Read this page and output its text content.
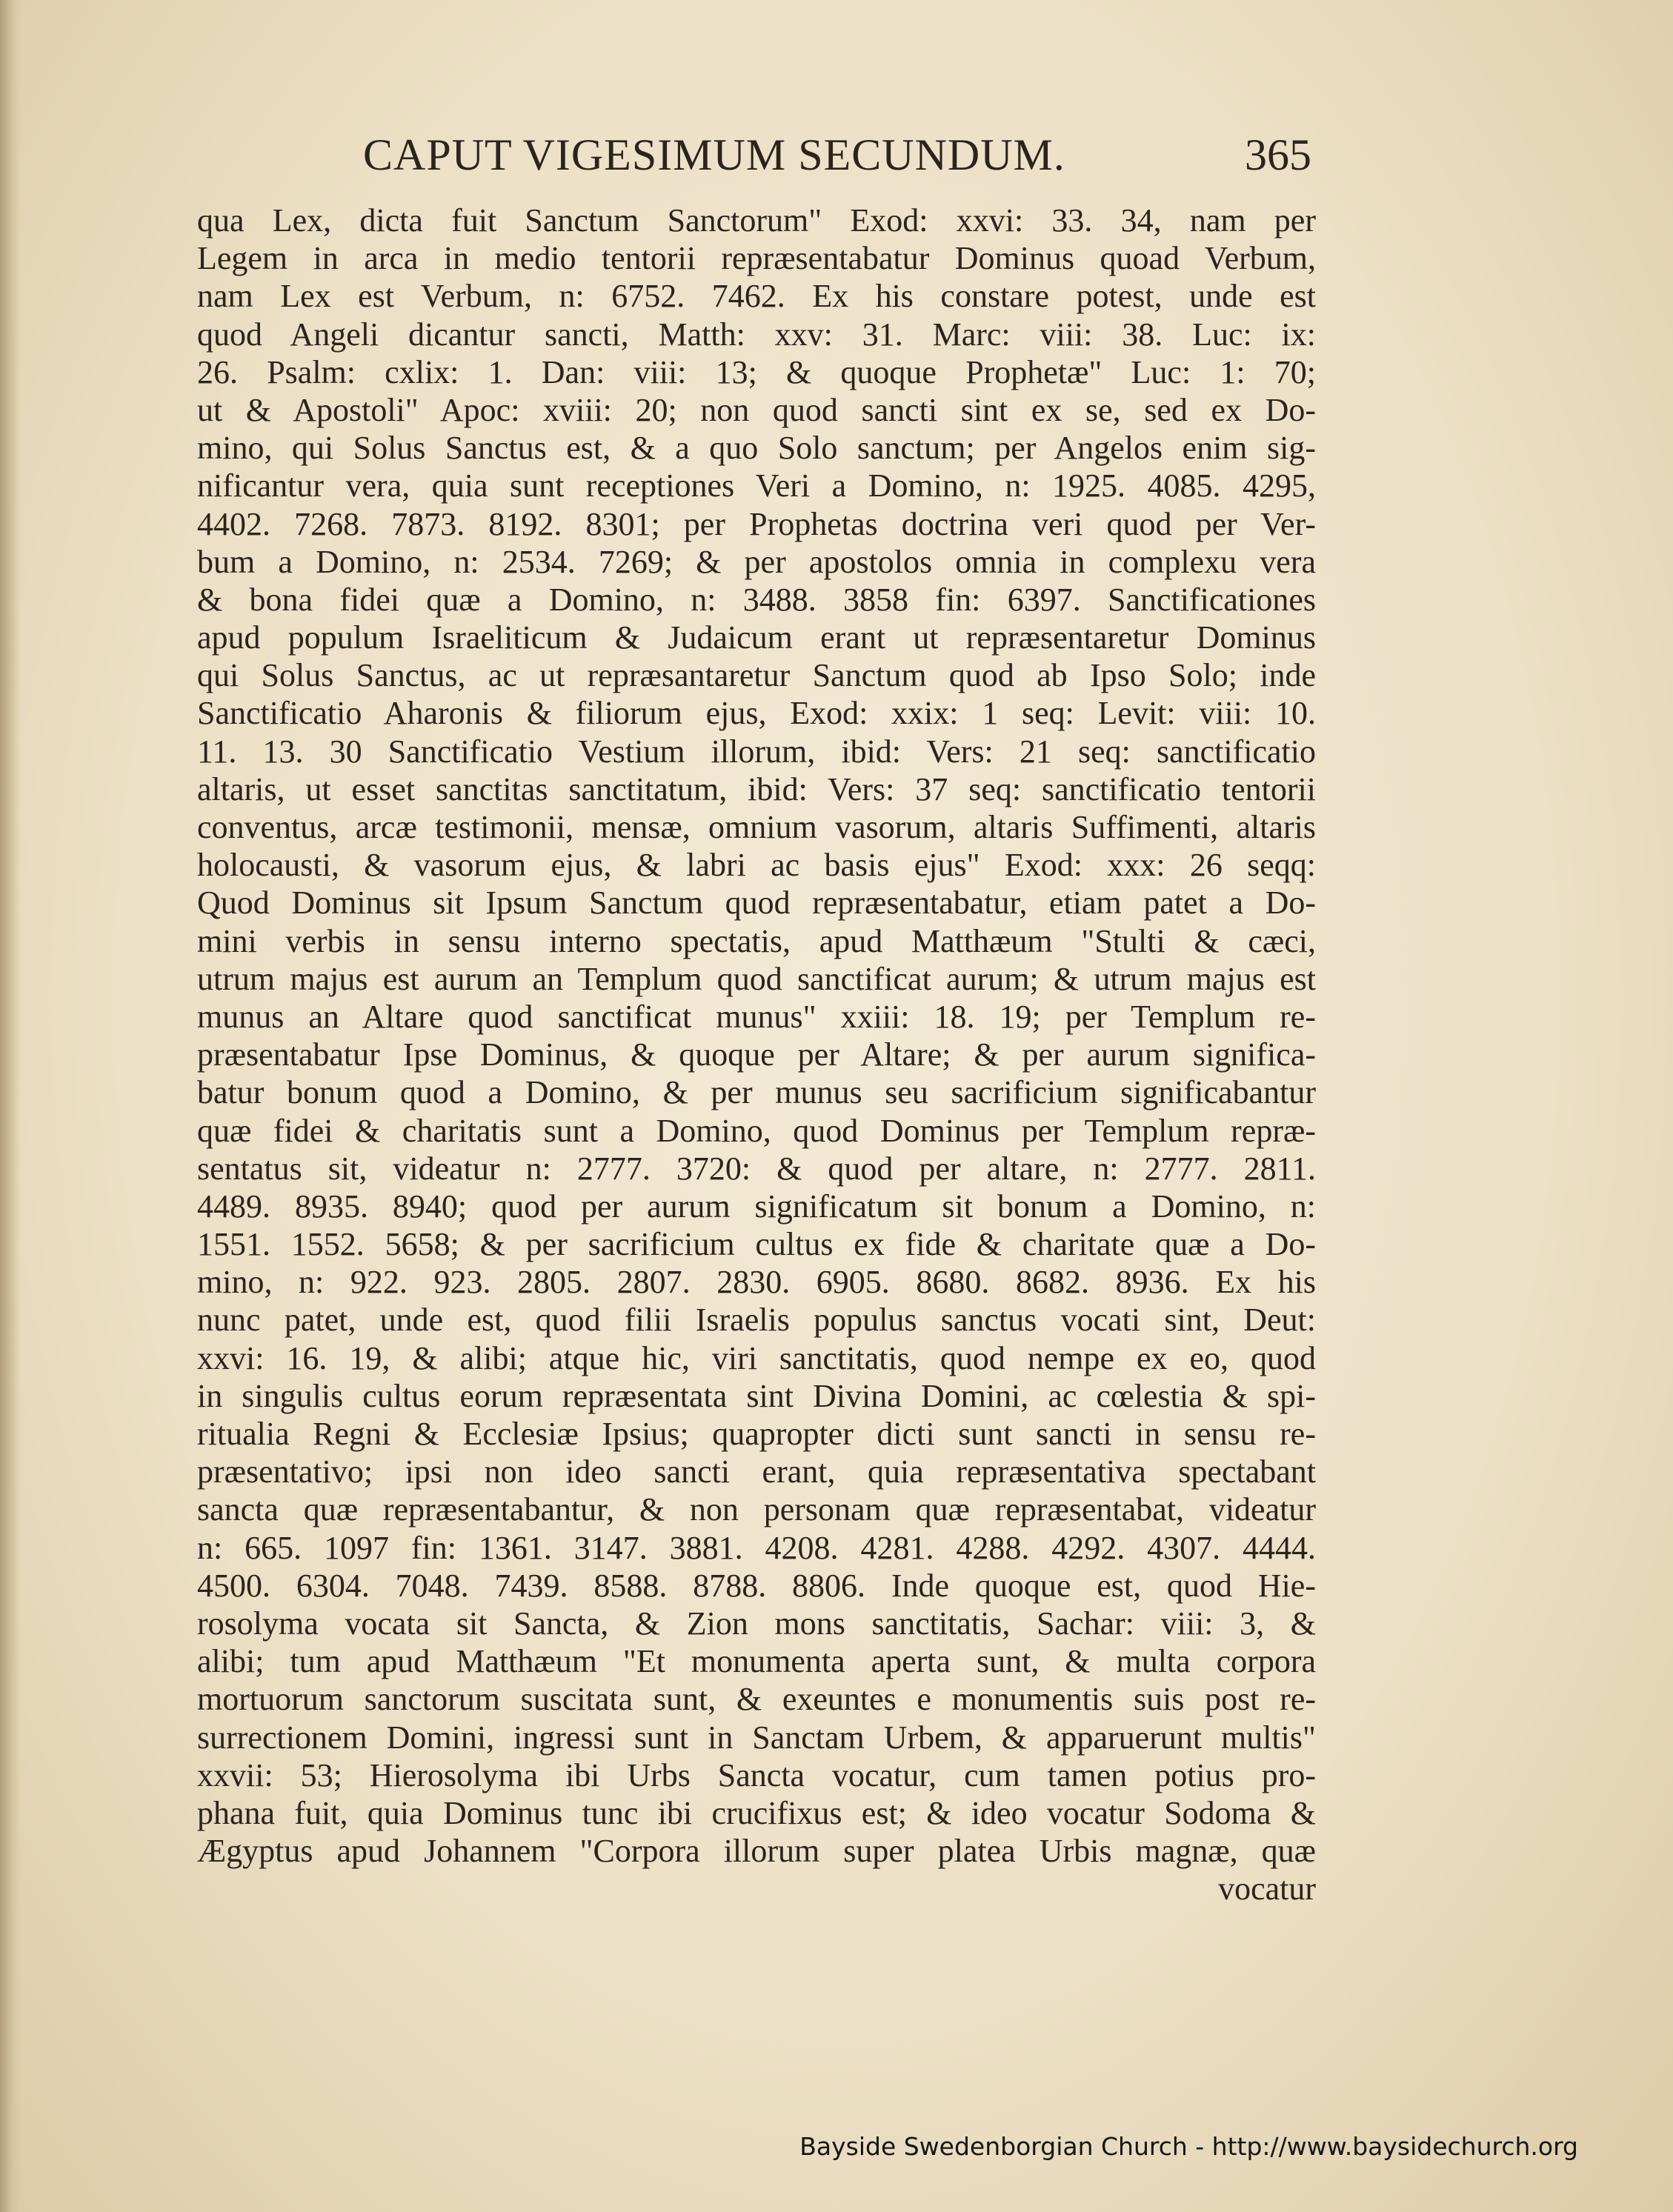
CAPUT VIGESIMUM SECUNDUM.	365
qua Lex, dicta fuit Sanctum Sanctorum" Exod: xxvi: 33. 34, nam per
Legem in arca in medio tentorii repræsentabatur Dominus quoad Verbum,
nam Lex est Verbum, n: 6752. 7462. Ex his constare potest, unde est
quod Angeli dicantur sancti, Matth: xxv: 31. Marc: viii: 38. Luc: ix:
26. Psalm: cxlix: 1. Dan: viii: 13; & quoque Prophetæ" Luc: 1: 70;
ut & Apostoli" Apoc: xviii: 20; non quod sancti sint ex se, sed ex Do-
mino, qui Solus Sanctus est, & a quo Solo sanctum; per Angelos enim sig-
nificantur vera, quia sunt receptiones Veri a Domino, n: 1925. 4085. 4295,
4402. 7268. 7873. 8192. 8301; per Prophetas doctrina veri quod per Ver-
bum a Domino, n: 2534. 7269; & per apostolos omnia in complexu vera
& bona fidei quæ a Domino, n: 3488. 3858 fin: 6397. Sanctificationes
apud populum Israeliticum & Judaicum erant ut repræsentaretur Dominus
qui Solus Sanctus, ac ut repræsantaretur Sanctum quod ab Ipso Solo; inde
Sanctificatio Aharonis & filiorum ejus, Exod: xxix: 1 seq: Levit: viii: 10.
11. 13. 30 Sanctificatio Vestium illorum, ibid: Vers: 21 seq: sanctificatio
altaris, ut esset sanctitas sanctitatum, ibid: Vers: 37 seq: sanctificatio tentorii
conventus, arcæ testimonii, mensæ, omnium vasorum, altaris Suffimenti, altaris
holocausti, & vasorum ejus, & labri ac basis ejus" Exod: xxx: 26 seqq:
Quod Dominus sit Ipsum Sanctum quod repræsentabatur, etiam patet a Do-
mini verbis in sensu interno spectatis, apud Matthæum "Stulti & cæci,
utrum majus est aurum an Templum quod sanctificat aurum; & utrum majus est
munus an Altare quod sanctificat munus" xxiii: 18. 19; per Templum re-
præsentabatur Ipse Dominus, & quoque per Altare; & per aurum significa-
batur bonum quod a Domino, & per munus seu sacrificium significabantur
quæ fidei & charitatis sunt a Domino, quod Dominus per Templum repræ-
sentatus sit, videatur n: 2777. 3720: & quod per altare, n: 2777. 2811.
4489. 8935. 8940; quod per aurum significatum sit bonum a Domino, n:
1551. 1552. 5658; & per sacrificium cultus ex fide & charitate quæ a Do-
mino, n: 922. 923. 2805. 2807. 2830. 6905. 8680. 8682. 8936. Ex his
nunc patet, unde est, quod filii Israelis populus sanctus vocati sint, Deut:
xxvi: 16. 19, & alibi; atque hic, viri sanctitatis, quod nempe ex eo, quod
in singulis cultus eorum repræsentata sint Divina Domini, ac cœlestia & spi-
ritualia Regni & Ecclesiæ Ipsius; quapropter dicti sunt sancti in sensu re-
præsentativo; ipsi non ideo sancti erant, quia repræsentativa spectabant
sancta quæ repræsentabantur, & non personam quæ repræsentabat, videatur
n: 665. 1097 fin: 1361. 3147. 3881. 4208. 4281. 4288. 4292. 4307. 4444.
4500. 6304. 7048. 7439. 8588. 8788. 8806. Inde quoque est, quod Hie-
rosolyma vocata sit Sancta, & Zion mons sanctitatis, Sachar: viii: 3, &
alibi; tum apud Matthæum "Et monumenta aperta sunt, & multa corpora
mortuorum sanctorum suscitata sunt, & exeuntes e monumentis suis post re-
surrectionem Domini, ingressi sunt in Sanctam Urbem, & apparuerunt multis"
xxvii: 53; Hierosolyma ibi Urbs Sancta vocatur, cum tamen potius pro-
phana fuit, quia Dominus tunc ibi crucifixus est; & ideo vocatur Sodoma &
Ægyptus apud Johannem "Corpora illorum super platea Urbis magnæ, quæ
vocatur
Bayside Swedenborgian Church - http://www.baysidechurch.org
